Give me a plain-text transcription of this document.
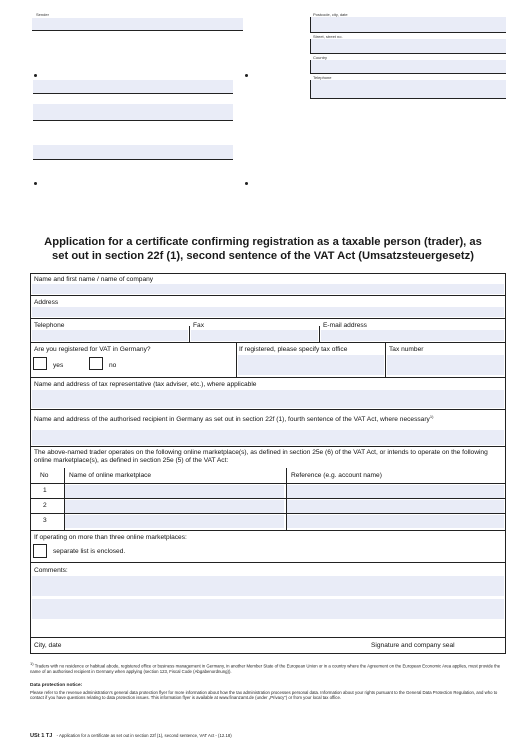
Sender	Postcode, city, date
Street, street no.
Country
Telephone
Application for a certificate confirming registration as a taxable person (trader), as
set out in section 22f (1), second sentence of the VAT Act (Umsatzsteuergesetz)
Name and first name / name of company
Address
Telephone	Fax	E-mail address
Are you registered for VAT in Germany?
yes	no
If registered, please specify tax office	Tax number
Name and address of tax representative (tax adviser, etc.), where applicable
Name and address of the authorised recipient in Germany as set out in section 22f (1), fourth sentence of the VAT Act, where necessary$^{1)}$
The above-named trader operates on the following online marketplace(s), as defined in section 25e (6) of the VAT Act, or intends to operate on the following online marketplace(s), as defined in section 25e (5) of the VAT Act:
No	Name of online marketplace	Reference (e.g. account name)
1
2
3
If operating on more than three online marketplaces:
separate list is enclosed.
Comments:
City, date	Signature and company seal
1) Traders with no residence or habitual abode, registered office or business management in Germany, in another Member State of the European Union or in a country where the Agreement on the European Economic Area applies, must provide the name of an authorised recipient in Germany when applying (section 123, Fiscal Code (Abgabenordnung)).
Data protection notice:
Please refer to the revenue administration's general data protection flyer for more information about how the tax administration processes personal data. Information about your rights pursuant to the General Data Protection Regulation, and who to contact if you have questions relating to data protection issues. This information flyer is available at www.finanzamt.de (under „Privacy“) or from your local tax office.
USt 1 TJ - Application for a certificate as set out in section 22f (1), second sentence, VAT Act - (12.18)
